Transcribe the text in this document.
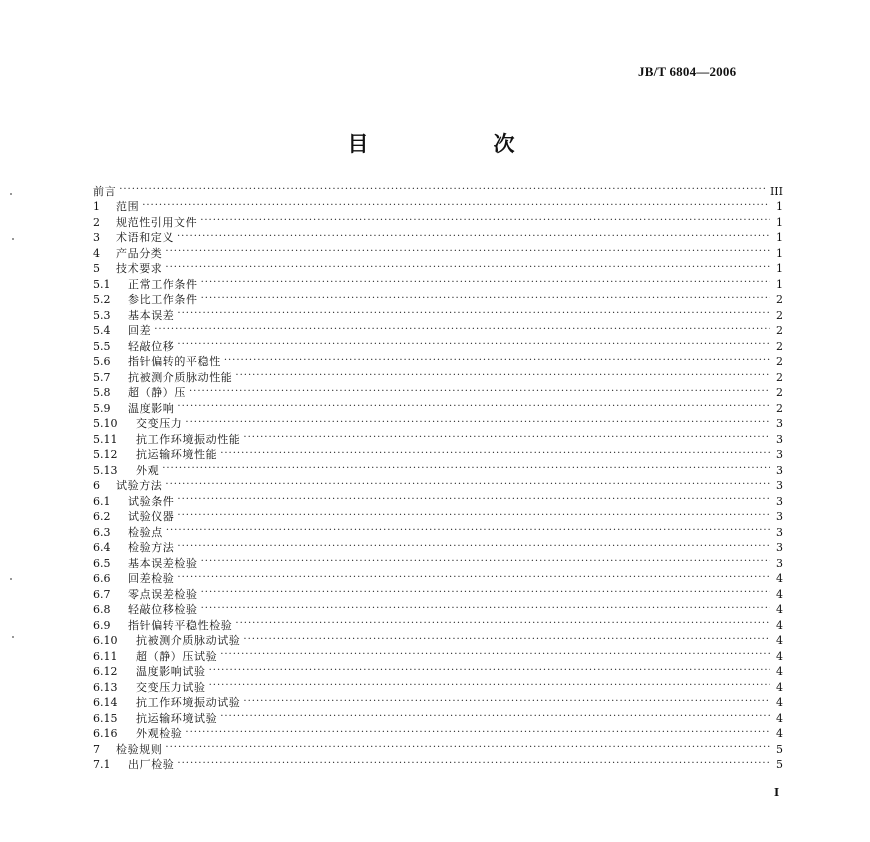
JB/T 6804—2006
目　次
前言 .....	III
1	范围 .....	1
2	规范性引用文件 .....	1
3	术语和定义 .....	1
4	产品分类 .....	1
5	技术要求 .....	1
5.1	正常工作条件 .....	1
5.2	参比工作条件 .....	2
5.3	基本误差 .....	2
5.4	回差 .....	2
5.5	轻敲位移 .....	2
5.6	指针偏转的平稳性 .....	2
5.7	抗被测介质脉动性能 .....	2
5.8	超（静）压 .....	2
5.9	温度影响 .....	2
5.10	交变压力 .....	3
5.11	抗工作环境振动性能 .....	3
5.12	抗运输环境性能 .....	3
5.13	外观 .....	3
6	试验方法 .....	3
6.1	试验条件 .....	3
6.2	试验仪器 .....	3
6.3	检验点 .....	3
6.4	检验方法 .....	3
6.5	基本误差检验 .....	3
6.6	回差检验 .....	4
6.7	零点误差检验 .....	4
6.8	轻敲位移检验 .....	4
6.9	指针偏转平稳性检验 .....	4
6.10	抗被测介质脉动试验 .....	4
6.11	超（静）压试验 .....	4
6.12	温度影响试验 .....	4
6.13	交变压力试验 .....	4
6.14	抗工作环境振动试验 .....	4
6.15	抗运输环境试验 .....	4
6.16	外观检验 .....	4
7	检验规则 .....	5
7.1	出厂检验 .....	5
I
